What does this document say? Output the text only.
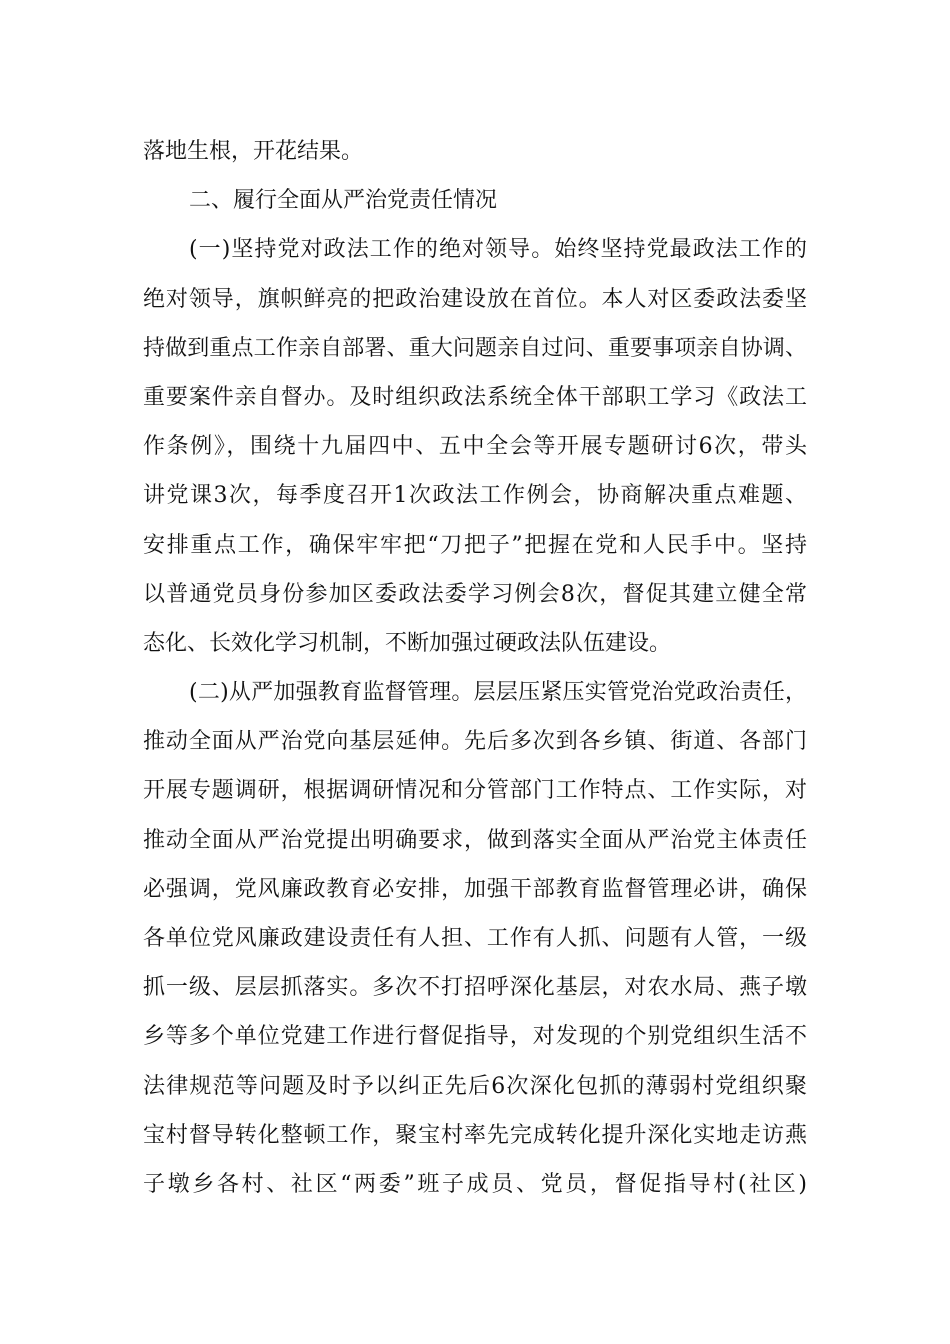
落地生根，开花结果。
二、履行全面从严治党责任情况
(一)坚持党对政法工作的绝对领导。始终坚持党最政法工作的
绝对领导，旗帜鲜亮的把政治建设放在首位。本人对区委政法委坚
持做到重点工作亲自部署、重大问题亲自过问、重要事项亲自协调、
重要案件亲自督办。及时组织政法系统全体干部职工学习《政法工
作条例》，围绕十九届四中、五中全会等开展专题研讨6次，带头
讲党课3次，每季度召开1次政法工作例会，协商解决重点难题、
安排重点工作，确保牢牢把“刀把子”把握在党和人民手中。坚持
以普通党员身份参加区委政法委学习例会8次，督促其建立健全常
态化、长效化学习机制，不断加强过硬政法队伍建设。
(二)从严加强教育监督管理。层层压紧压实管党治党政治责任，
推动全面从严治党向基层延伸。先后多次到各乡镇、街道、各部门
开展专题调研，根据调研情况和分管部门工作特点、工作实际，对
推动全面从严治党提出明确要求，做到落实全面从严治党主体责任
必强调，党风廉政教育必安排，加强干部教育监督管理必讲，确保
各单位党风廉政建设责任有人担、工作有人抓、问题有人管，一级
抓一级、层层抓落实。多次不打招呼深化基层，对农水局、燕子墩
乡等多个单位党建工作进行督促指导，对发现的个别党组织生活不
法律规范等问题及时予以纠正先后6次深化包抓的薄弱村党组织聚
宝村督导转化整顿工作，聚宝村率先完成转化提升深化实地走访燕
子墩乡各村、社区“两委”班子成员、党员，督促指导村(社区)
